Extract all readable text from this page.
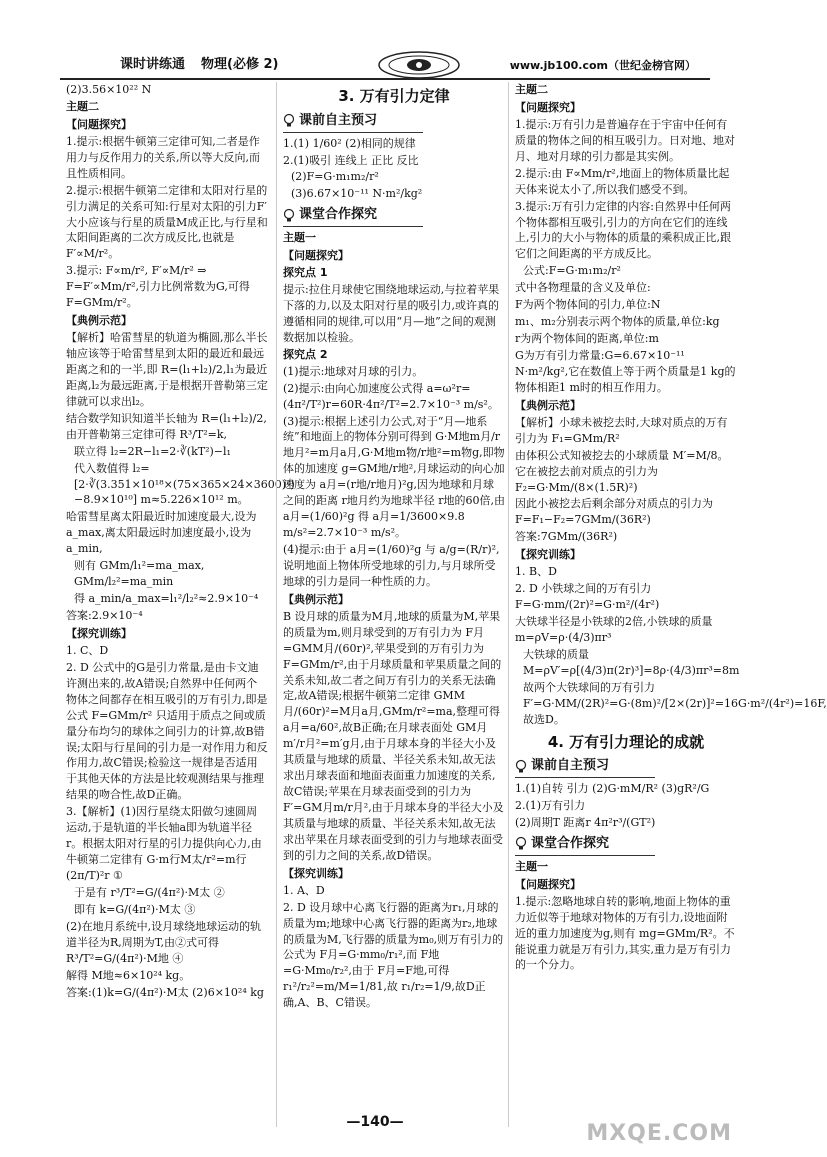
课时讲练通 物理(必修 2)	www.jb100.com（世纪金榜官网）

(2)3.56×10²² N

主题二

【问题探究】

1.提示:根据牛顿第三定律可知,二者是作用力与反作用力的关系,所以等大反向,而且性质相同。

2.提示:根据牛顿第二定律和太阳对行星的引力满足的关系可知:行星对太阳的引力F′大小应该与行星的质量M成正比,与行星和太阳间距离的二次方成反比,也就是 F′∝M/r²。

3.提示: F∝m/r², F′∝M/r² ⇒ F=F′∝Mm/r²,引力比例常数为G,可得 F=GMm/r²。

【典例示范】

【解析】哈雷彗星的轨道为椭圆,那么半长轴应该等于哈雷彗星到太阳的最近和最远距离之和的一半,即 R=(l₁+l₂)/2,l₁为最近距离,l₂为最远距离,于是根据开普勒第三定律就可以求出l₂。

结合数学知识知道半长轴为 R=(l₁+l₂)/2,由开普勒第三定律可得 R³/T²=k,

联立得 l₂=2R−l₁=2·∛(kT²)−l₁

代入数值得 l₂=[2·∛(3.351×10¹⁸×(75×365×24×3600)²)−8.9×10¹⁰] m≈5.226×10¹² m。

哈雷彗星离太阳最近时加速度最大,设为a_max,离太阳最远时加速度最小,设为a_min,

则有 GMm/l₁²=ma_max, GMm/l₂²=ma_min

得 a_min/a_max=l₁²/l₂²≈2.9×10⁻⁴

答案:2.9×10⁻⁴

【探究训练】

1. C、D

2. D 公式中的G是引力常量,是由卡文迪许测出来的,故A错误;自然界中任何两个物体之间都存在相互吸引的万有引力,即是公式 F=GMm/r² 只适用于质点之间或质量分布均匀的球体之间引力的计算,故B错误;太阳与行星间的引力是一对作用力和反作用力,故C错误;检验这一规律是否适用于其他天体的方法是比较观测结果与推理结果的吻合性,故D正确。

3.【解析】(1)因行星绕太阳做匀速圆周运动,于是轨道的半长轴a即为轨道半径r。根据太阳对行星的引力提供向心力,由牛顿第二定律有 G·m行M太/r²=m行(2π/T)²r ①

于是有 r³/T²=G/(4π²)·M太 ②

即有 k=G/(4π²)·M太 ③

(2)在地月系统中,设月球绕地球运动的轨道半径为R,周期为T,由②式可得 R³/T²=G/(4π²)·M地 ④

解得 M地≈6×10²⁴ kg。

答案:(1)k=G/(4π²)·M太 (2)6×10²⁴ kg

3. 万有引力定律
课前自主预习

1.(1) 1/60² (2)相同的规律

2.(1)吸引 连线上 正比 反比

(2)F=G·m₁m₂/r²

(3)6.67×10⁻¹¹ N·m²/kg²

课堂合作探究

主题一

【问题探究】

探究点 1

提示:拉住月球使它围绕地球运动,与拉着苹果下落的力,以及太阳对行星的吸引力,或许真的遵循相同的规律,可以用“月—地”之间的观测数据加以检验。

探究点 2

(1)提示:地球对月球的引力。

(2)提示:由向心加速度公式得 a=ω²r=(4π²/T²)r=60R·4π²/T²=2.7×10⁻³ m/s²。

(3)提示:根据上述引力公式,对于“月—地系统”和地面上的物体分别可得到 G·M地m月/r地月²=m月a月,G·M地m物/r地²=m物g,即物体的加速度 g=GM地/r地²,月球运动的向心加速度为 a月=(r地/r地月)²g,因为地球和月球之间的距离 r地月约为地球半径 r地的60倍,由 a月=(1/60)²g 得 a月=1/3600×9.8 m/s²=2.7×10⁻³ m/s²。

(4)提示:由于 a月=(1/60)²g 与 a/g=(R/r)²,说明地面上物体所受地球的引力,与月球所受地球的引力是同一种性质的力。

【典例示范】

B 设月球的质量为M月,地球的质量为M,苹果的质量为m,则月球受到的万有引力为 F月=GMM月/(60r)²,苹果受到的万有引力为 F=GMm/r²,由于月球质量和苹果质量之间的关系未知,故二者之间万有引力的关系无法确定,故A错误;根据牛顿第二定律 GMM月/(60r)²=M月a月,GMm/r²=ma,整理可得 a月=a/60²,故B正确;在月球表面处 GM月m′/r月²=m′g月,由于月球本身的半径大小及其质量与地球的质量、半径关系未知,故无法求出月球表面和地面表面重力加速度的关系,故C错误;苹果在月球表面受到的引力为 F′=GM月m/r月²,由于月球本身的半径大小及其质量与地球的质量、半径关系未知,故无法求出苹果在月球表面受到的引力与地球表面受到的引力之间的关系,故D错误。

【探究训练】

1. A、D

2. D 设月球中心离飞行器的距离为r₁,月球的质量为m;地球中心离飞行器的距离为r₂,地球的质量为M,飞行器的质量为m₀,则万有引力的公式为 F月=G·mm₀/r₁²,而 F地=G·Mm₀/r₂²,由于 F月=F地,可得 r₁²/r₂²=m/M=1/81,故 r₁/r₂=1/9,故D正确,A、B、C错误。

主题二

【问题探究】

1.提示:万有引力是普遍存在于宇宙中任何有质量的物体之间的相互吸引力。日对地、地对月、地对月球的引力都是其实例。

2.提示:由 F∝Mm/r²,地面上的物体质量比起天体来说太小了,所以我们感受不到。

3.提示:万有引力定律的内容:自然界中任何两个物体都相互吸引,引力的方向在它们的连线上,引力的大小与物体的质量的乘积成正比,跟它们之间距离的平方成反比。

公式:F=G·m₁m₂/r²

式中各物理量的含义及单位:

F为两个物体间的引力,单位:N

m₁、m₂分别表示两个物体的质量,单位:kg

r为两个物体间的距离,单位:m

G为万有引力常量:G=6.67×10⁻¹¹ N·m²/kg²,它在数值上等于两个质量是1 kg的物体相距1 m时的相互作用力。

【典例示范】

【解析】小球未被挖去时,大球对质点的万有引力为 F₁=GMm/R²

由体积公式知被挖去的小球质量 M′=M/8。它在被挖去前对质点的引力为 F₂=G·Mm/(8×(1.5R)²)

因此小被挖去后剩余部分对质点的引力为 F=F₁−F₂=7GMm/(36R²)

答案:7GMm/(36R²)

【探究训练】

1. B、D

2. D 小铁球之间的万有引力 F=G·mm/(2r)²=G·m²/(4r²)

大铁球半径是小铁球的2倍,小铁球的质量 m=ρV=ρ·(4/3)πr³

大铁球的质量 M=ρV′=ρ[(4/3)π(2r)³]=8ρ·(4/3)πr³=8m

故两个大铁球间的万有引力 F′=G·MM/(2R)²=G·(8m)²/[2×(2r)]²=16G·m²/(4r²)=16F,故选D。

4. 万有引力理论的成就
课前自主预习

1.(1)自转 引力 (2)G·mM/R² (3)gR²/G

2.(1)万有引力

(2)周期T 距离r 4π²r³/(GT²)

课堂合作探究

主题一

【问题探究】

1.提示:忽略地球自转的影响,地面上物体的重力近似等于地球对物体的万有引力,设地面附近的重力加速度为g,则有 mg=GMm/R²。不能说重力就是万有引力,其实,重力是万有引力的一个分力。

—140—	MXQE.COM
